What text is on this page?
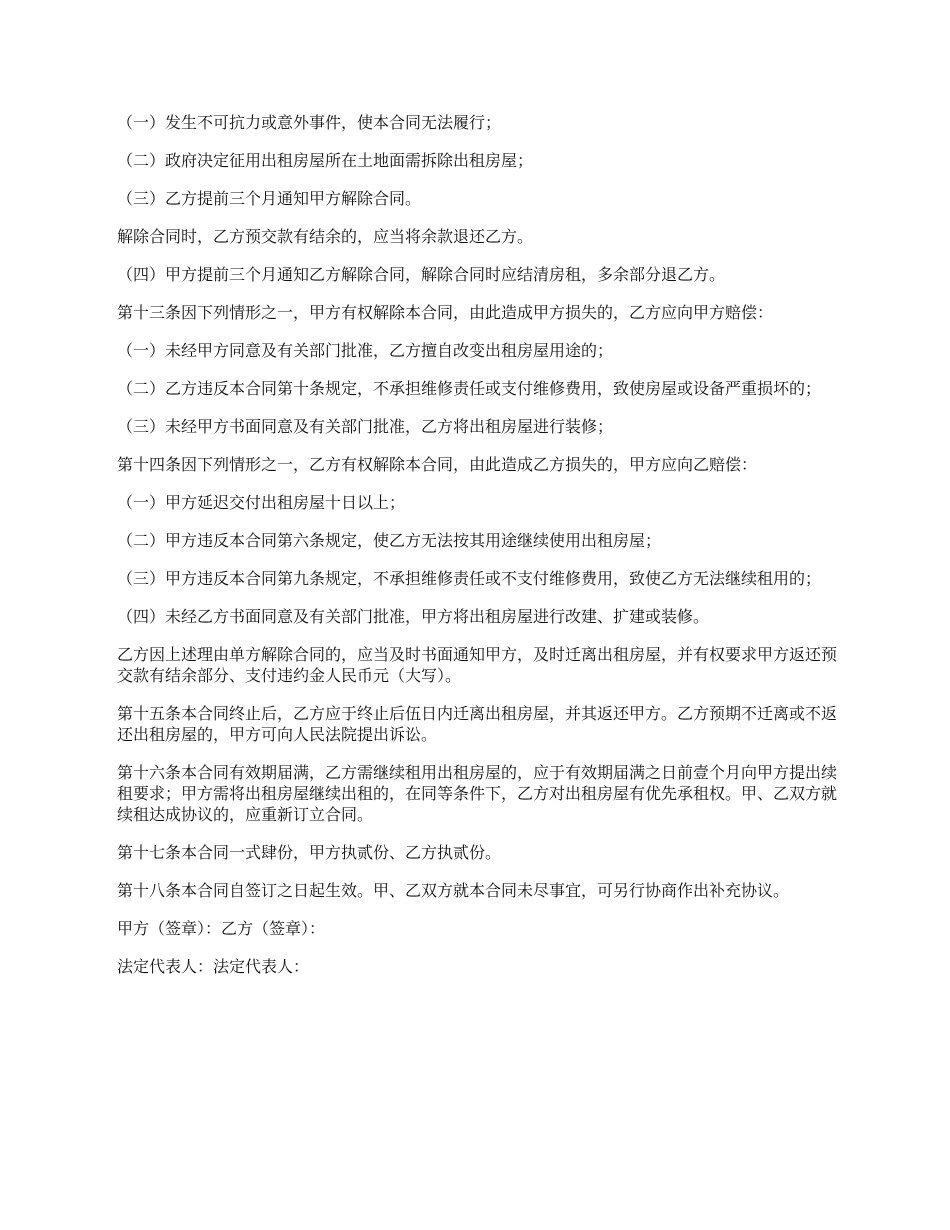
（一）发生不可抗力或意外事件，使本合同无法履行；

（二）政府决定征用出租房屋所在土地面需拆除出租房屋；

（三）乙方提前三个月通知甲方解除合同。

解除合同时，乙方预交款有结余的，应当将余款退还乙方。

（四）甲方提前三个月通知乙方解除合同，解除合同时应结清房租，多余部分退乙方。

第十三条因下列情形之一，甲方有权解除本合同，由此造成甲方损失的，乙方应向甲方赔偿：

（一）未经甲方同意及有关部门批准，乙方擅自改变出租房屋用途的；

（二）乙方违反本合同第十条规定，不承担维修责任或支付维修费用，致使房屋或设备严重损坏的；

（三）未经甲方书面同意及有关部门批准，乙方将出租房屋进行装修；

第十四条因下列情形之一，乙方有权解除本合同，由此造成乙方损失的，甲方应向乙赔偿：

（一）甲方延迟交付出租房屋十日以上；

（二）甲方违反本合同第六条规定，使乙方无法按其用途继续使用出租房屋；

（三）甲方违反本合同第九条规定，不承担维修责任或不支付维修费用，致使乙方无法继续租用的；

（四）未经乙方书面同意及有关部门批准，甲方将出租房屋进行改建、扩建或装修。

乙方因上述理由单方解除合同的，应当及时书面通知甲方，及时迁离出租房屋，并有权要求甲方返还预交款有结余部分、支付违约金人民币元（大写）。

第十五条本合同终止后，乙方应于终止后伍日内迁离出租房屋，并其返还甲方。乙方预期不迁离或不返还出租房屋的，甲方可向人民法院提出诉讼。

第十六条本合同有效期届满，乙方需继续租用出租房屋的，应于有效期届满之日前壹个月向甲方提出续租要求；甲方需将出租房屋继续出租的，在同等条件下，乙方对出租房屋有优先承租权。甲、乙双方就续租达成协议的，应重新订立合同。

第十七条本合同一式肆份，甲方执贰份、乙方执贰份。

第十八条本合同自签订之日起生效。甲、乙双方就本合同未尽事宜，可另行协商作出补充协议。

甲方（签章）：乙方（签章）：

法定代表人：法定代表人：
